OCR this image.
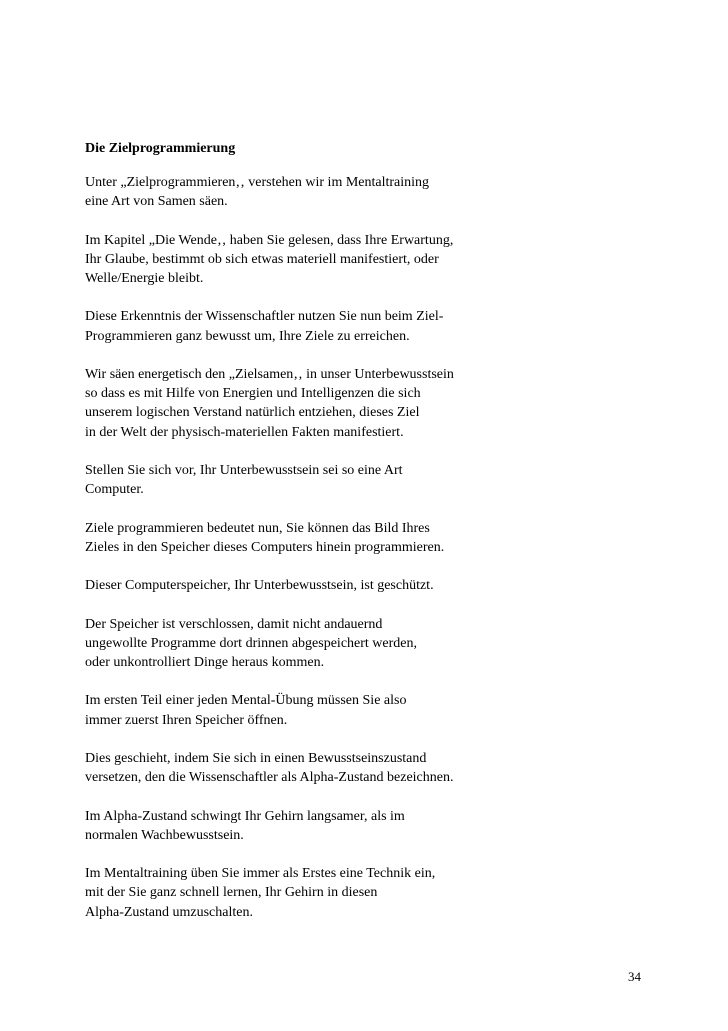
Die Zielprogrammierung

Unter „Zielprogrammieren‚‚ verstehen wir im Mentaltraining
eine Art von Samen säen.

Im Kapitel „Die Wende‚‚ haben Sie gelesen, dass Ihre Erwartung,
Ihr Glaube, bestimmt ob sich etwas materiell manifestiert, oder
Welle/Energie bleibt.

Diese Erkenntnis der Wissenschaftler nutzen Sie nun beim Ziel-
Programmieren ganz bewusst um, Ihre Ziele zu erreichen.

Wir säen energetisch den „Zielsamen‚‚ in unser Unterbewusstsein
so dass es mit Hilfe von Energien und Intelligenzen die sich
unserem logischen Verstand natürlich entziehen, dieses Ziel
in der Welt der physisch-materiellen Fakten manifestiert.

Stellen Sie sich vor, Ihr Unterbewusstsein sei so eine Art
Computer.

Ziele programmieren bedeutet nun, Sie können das Bild Ihres
Zieles in den Speicher dieses Computers hinein programmieren.

Dieser Computerspeicher, Ihr Unterbewusstsein, ist geschützt.

Der Speicher ist verschlossen, damit nicht andauernd
ungewollte Programme dort drinnen abgespeichert werden,
oder unkontrolliert Dinge heraus kommen.

Im ersten Teil einer jeden Mental-Übung müssen Sie also
immer zuerst Ihren Speicher öffnen.

Dies geschieht, indem Sie sich in einen Bewusstseinszustand
versetzen, den die Wissenschaftler als Alpha-Zustand bezeichnen.

Im Alpha-Zustand schwingt Ihr Gehirn langsamer, als im
normalen Wachbewusstsein.

Im Mentaltraining üben Sie immer als Erstes eine Technik ein,
mit der Sie ganz schnell lernen, Ihr Gehirn in diesen
Alpha-Zustand umzuschalten.

34
